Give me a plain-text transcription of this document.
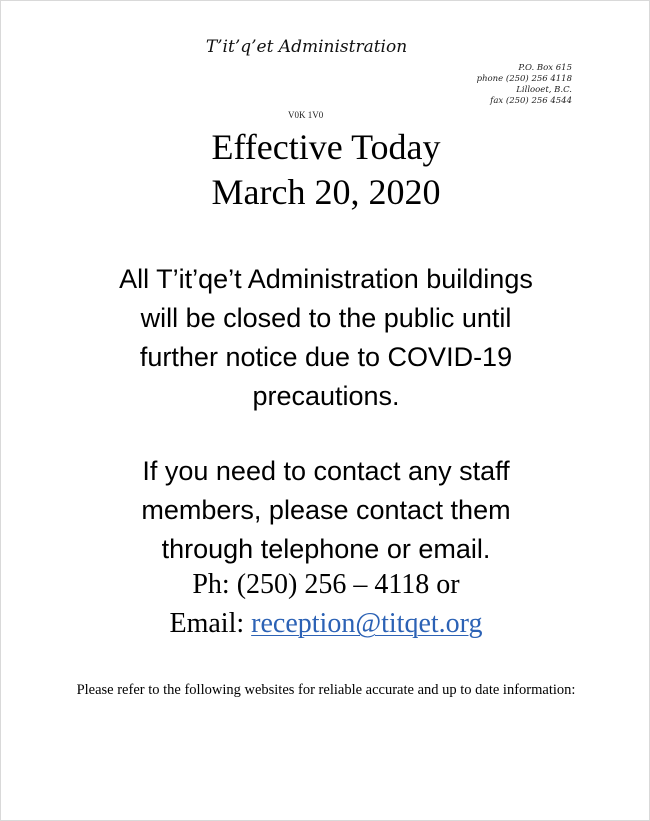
T’it’q’et Administration
P.O. Box 615
phone (250) 256 4118
Lillooet, B.C.
fax (250) 256 4544
V0K 1V0
Effective Today
March 20, 2020
All T’it’qe’t Administration buildings
will be closed to the public until
further notice due to COVID-19
precautions.
If you need to contact any staff
members, please contact them
through telephone or email.
Ph: (250) 256 – 4118 or
Email: reception@titqet.org
Please refer to the following websites for reliable accurate and up to date information:
